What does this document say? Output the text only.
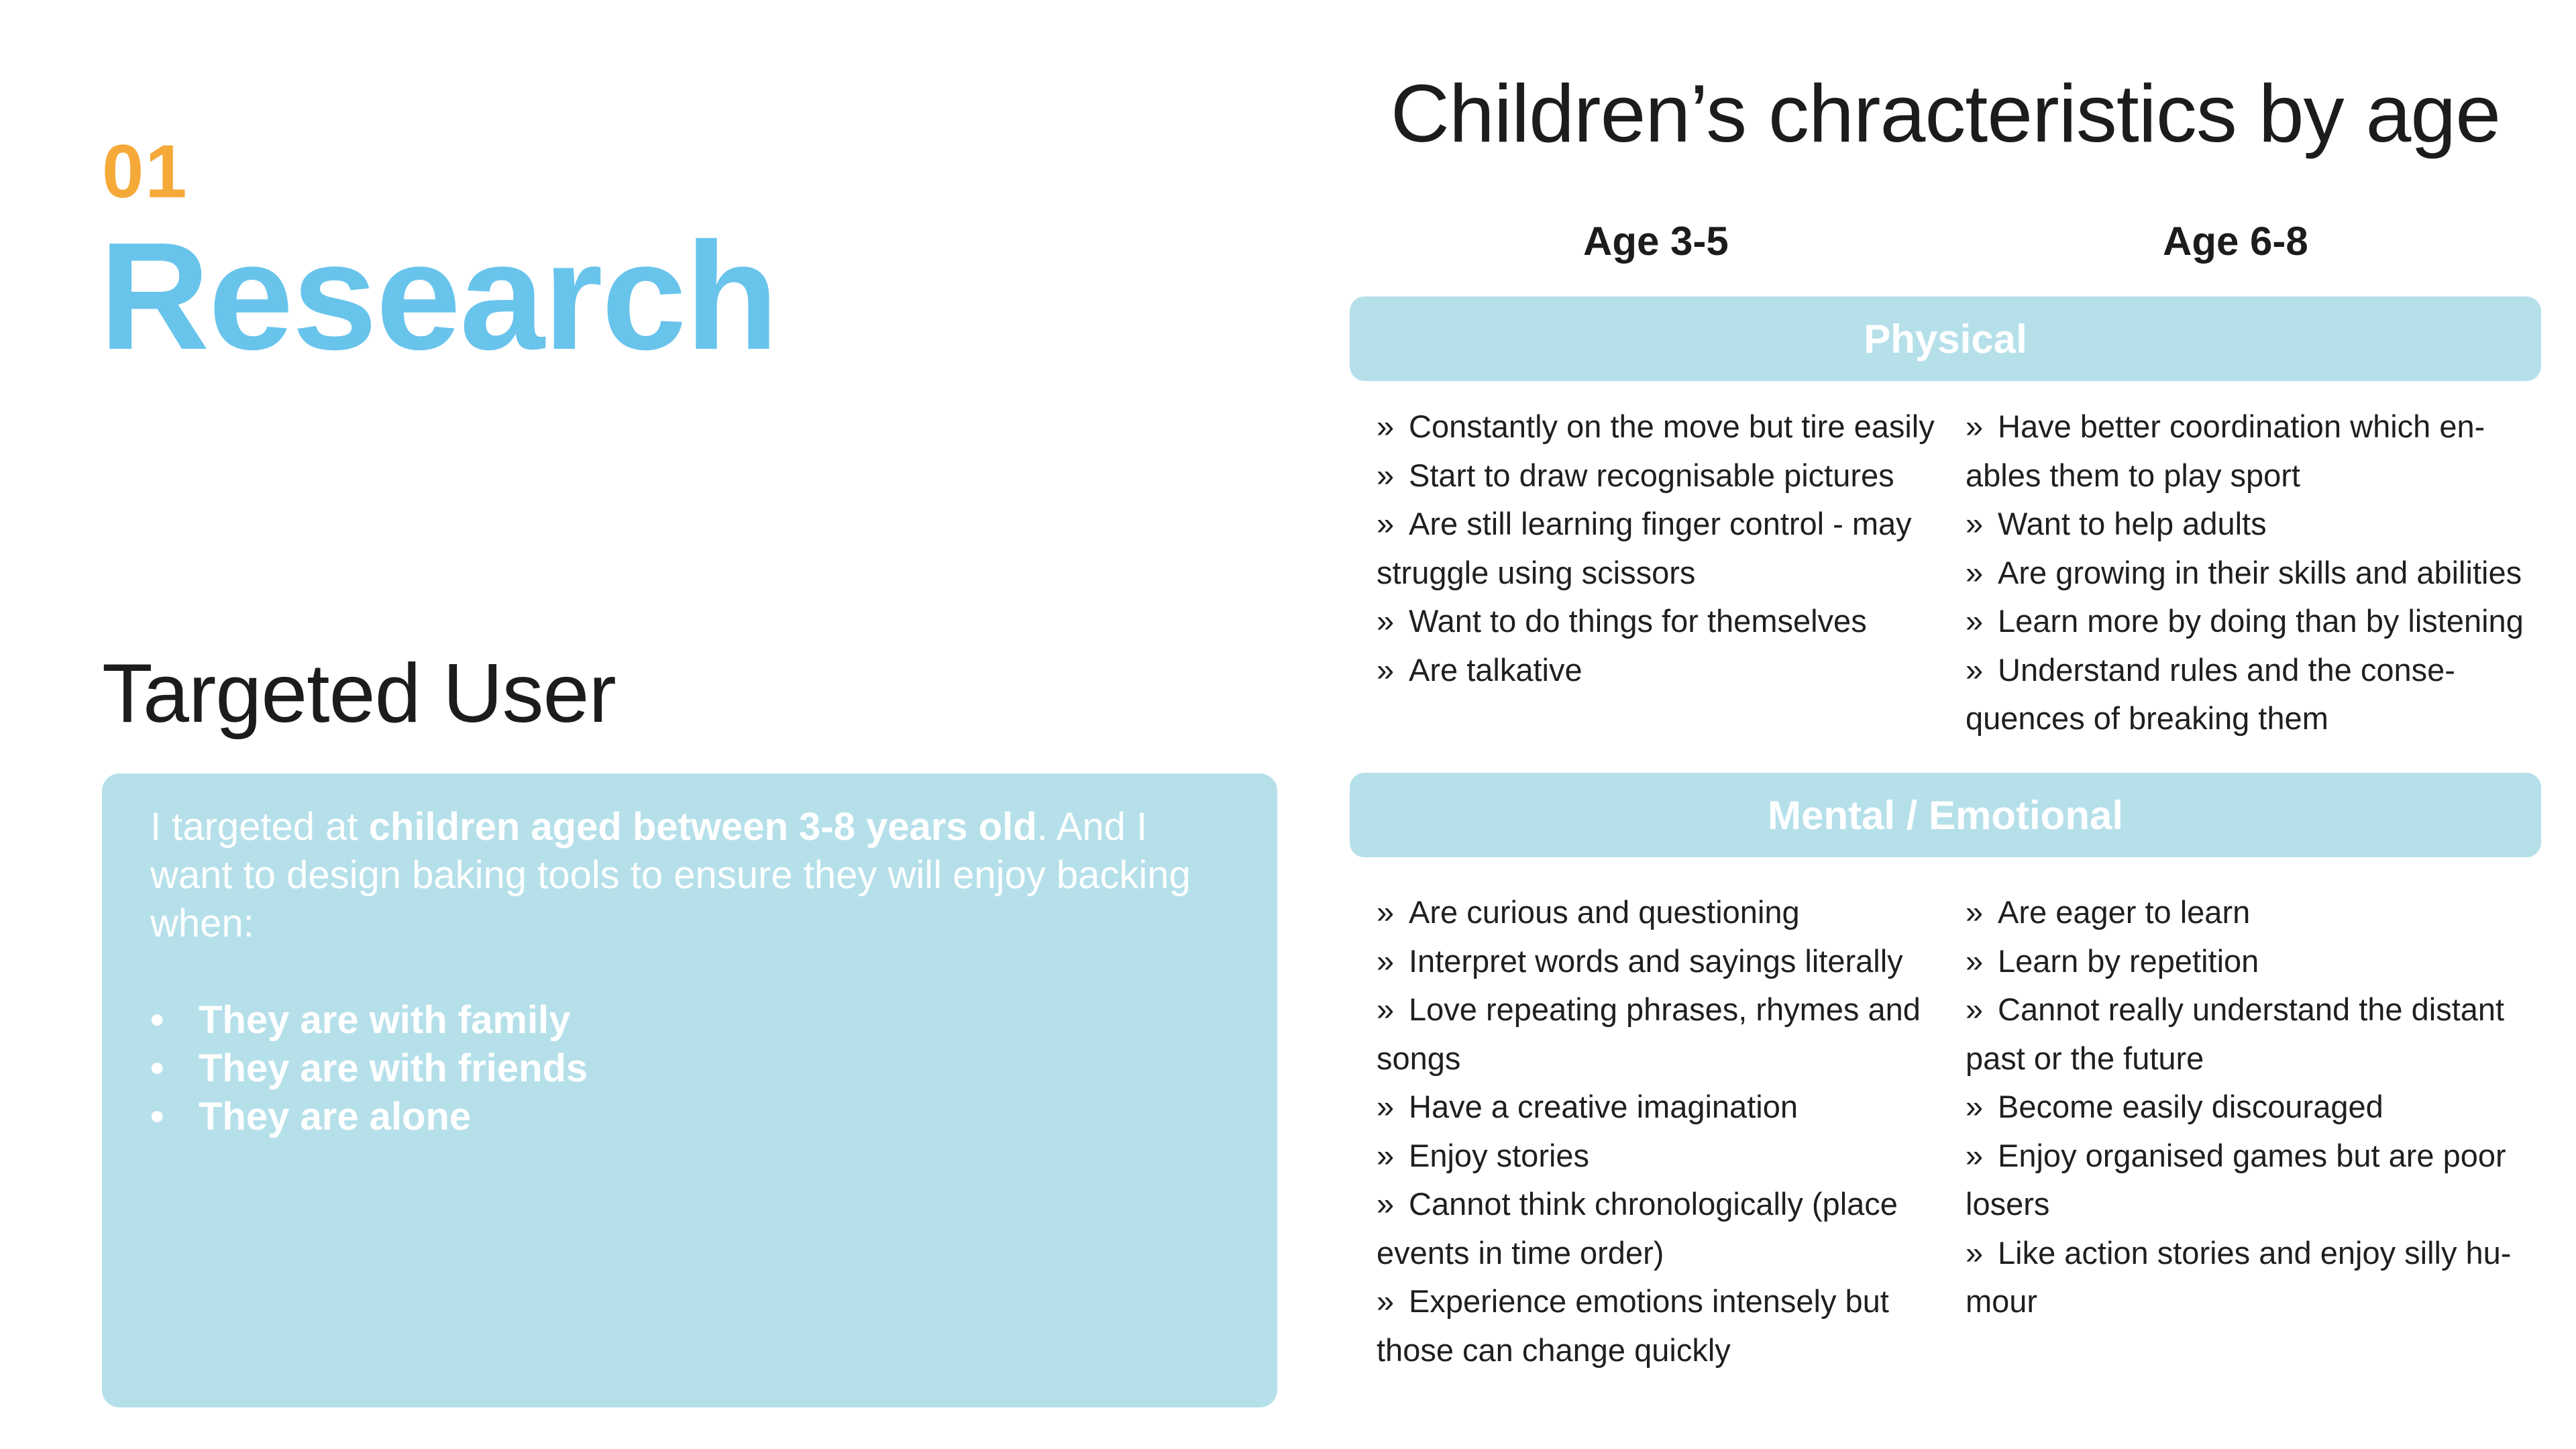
01
Research
Targeted User

I targeted at children aged between 3-8 years old. And I want to design baking tools to ensure they will enjoy backing when:

• They are with family
• They are with friends
• They are alone
Children’s chracteristics by age
Age 3-5	Age 6-8
Physical
» Constantly on the move but tire easily
» Start to draw recognisable pictures
» Are still learning finger control - may struggle using scissors
» Want to do things for themselves
» Are talkative
» Have better coordination which en-ables them to play sport
» Want to help adults
» Are growing in their skills and abilities
» Learn more by doing than by listening
» Understand rules and the conse-quences of breaking them
Mental / Emotional
» Are curious and questioning
» Interpret words and sayings literally
» Love repeating phrases, rhymes and songs
» Have a creative imagination
» Enjoy stories
» Cannot think chronologically (place events in time order)
» Experience emotions intensely but those can change quickly
» Are eager to learn
» Learn by repetition
» Cannot really understand the distant past or the future
» Become easily discouraged
» Enjoy organised games but are poor losers
» Like action stories and enjoy silly hu-mour
